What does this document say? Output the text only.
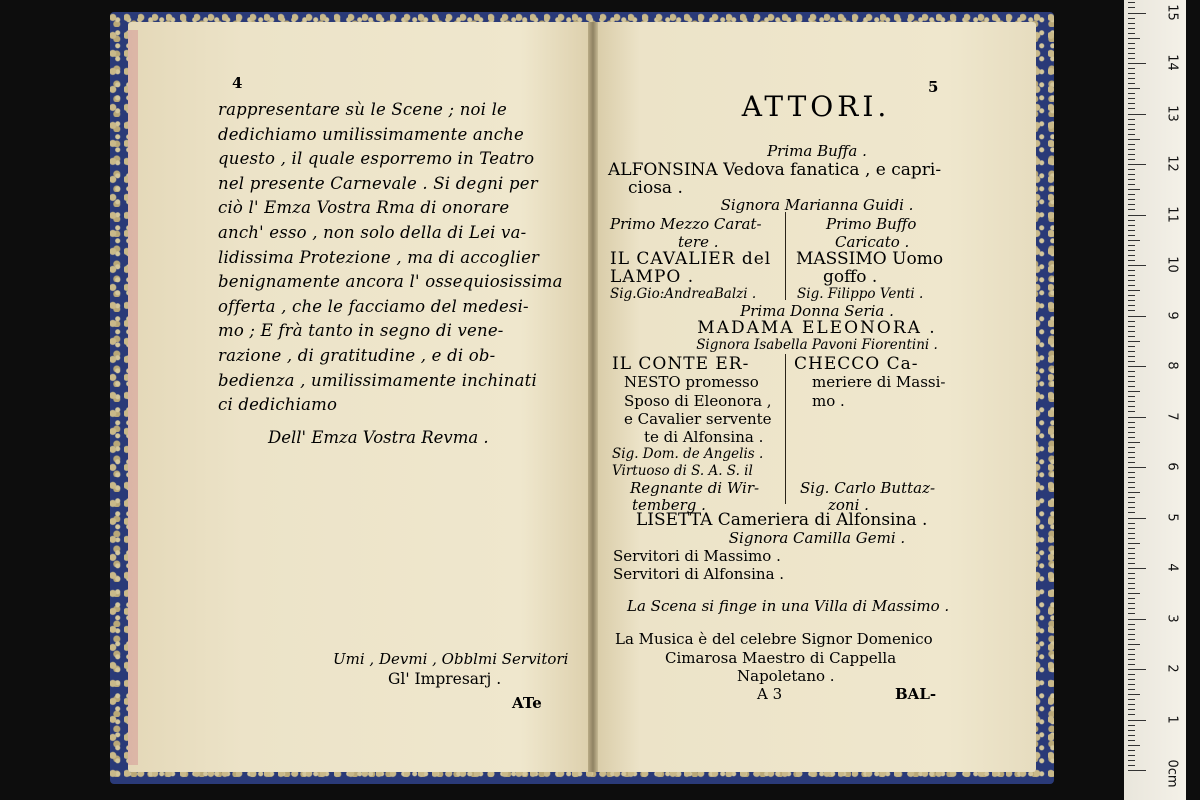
4
rappresentare sù le Scene ; noi le
dedichiamo umilissimamente anche
questo , il quale esporremo in Teatro
nel presente Carnevale . Si degni per
ciò l' Emza Vostra Rma di onorare
anch' esso , non solo della di Lei va-
lidissima Protezione , ma di accoglier
benignamente ancora l' ossequiosissima
offerta , che le facciamo del medesi-
mo ; E frà tanto in segno di vene-
razione , di gratitudine , e di ob-
bedienza , umilissimamente inchinati
ci dedichiamo
Dell' Emza Vostra Revma .
Umi , Devmi , Obblmi Servitori
Gl' Impresarj .
ATe
5
ATTORI.
Prima Buffa .
ALFONSINA Vedova fanatica , e capri-
ciosa .
Signora Marianna Guidi .
Primo Mezzo Carat-
tere .
Primo Buffo
Caricato .
IL CAVALIER del
LAMPO .
Sig.Gio:AndreaBalzi .
MASSIMO Uomo
goffo .
Sig. Filippo Venti .
Prima Donna Seria .
MADAMA ELEONORA .
Signora Isabella Pavoni Fiorentini .
IL CONTE ER-
NESTO promesso
Sposo di Eleonora ,
e Cavalier servente
te di Alfonsina .
Sig. Dom. de Angelis .
Virtuoso di S. A. S. il
Regnante di Wir-
temberg .
CHECCO Ca-
meriere di Massi-
mo .
Sig. Carlo Buttaz-
zoni .
LISETTA Cameriera di Alfonsina .
Signora Camilla Gemi .
Servitori di Massimo .
Servitori di Alfonsina .
La Scena si finge in una Villa di Massimo .
La Musica è del celebre Signor Domenico
Cimarosa Maestro di Cappella
Napoletano .
A 3	BAL-
0cm
1
2
3
4
5
6
7
8
9
10
11
12
13
14
15
